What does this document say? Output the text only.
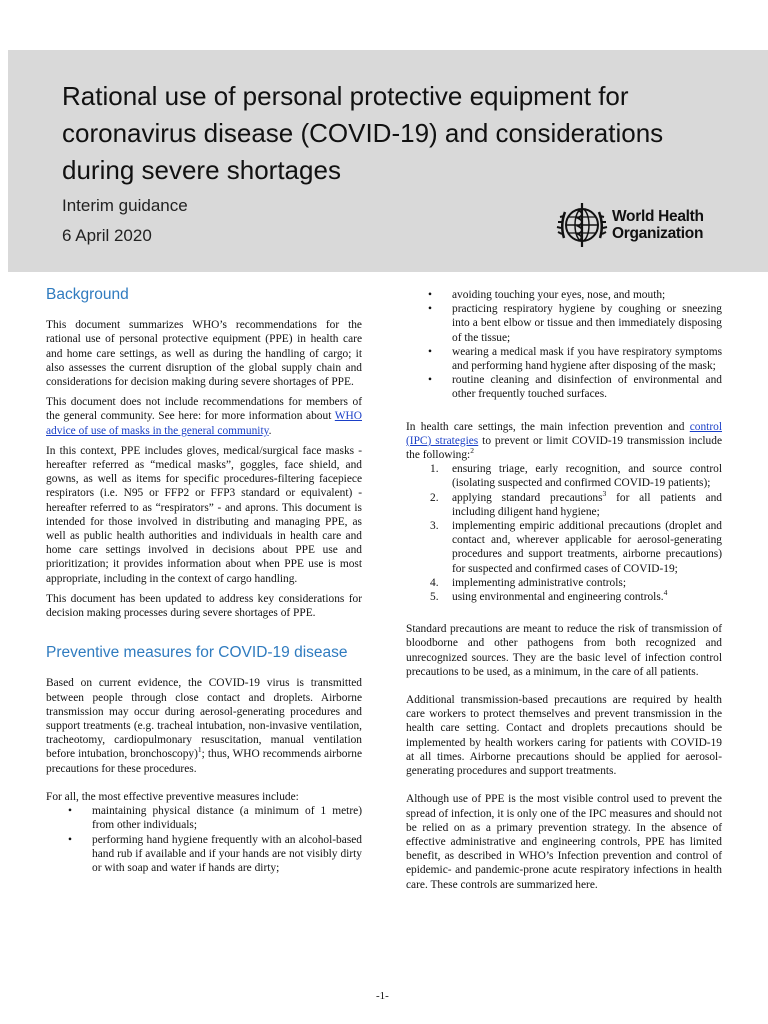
Rational use of personal protective equipment for coronavirus disease (COVID-19) and considerations during severe shortages
Interim guidance
6 April 2020
World Health
Organization
Background

This document summarizes WHO’s recommendations for the rational use of personal protective equipment (PPE) in health care and home care settings, as well as during the handling of cargo; it also assesses the current disruption of the global supply chain and considerations for decision making during severe shortages of PPE.

This document does not include recommendations for members of the general community. See here: for more information about WHO advice of use of masks in the general community.

In this context, PPE includes gloves, medical/surgical face masks - hereafter referred as “medical masks”, goggles, face shield, and gowns, as well as items for specific procedures-filtering facepiece respirators (i.e. N95 or FFP2 or FFP3 standard or equivalent) - hereafter referred to as “respirators” - and aprons. This document is intended for those involved in distributing and managing PPE, as well as public health authorities and individuals in health care and home care settings involved in decisions about PPE use and prioritization; it provides information about when PPE use is most appropriate, including in the context of cargo handling.

This document has been updated to address key considerations for decision making processes during severe shortages of PPE.

Preventive measures for COVID-19 disease

Based on current evidence, the COVID-19 virus is transmitted between people through close contact and droplets. Airborne transmission may occur during aerosol-generating procedures and support treatments (e.g. tracheal intubation, non-invasive ventilation, tracheotomy, cardiopulmonary resuscitation, manual ventilation before intubation, bronchoscopy)$^1$; thus, WHO recommends airborne precautions for these procedures.

For all, the most effective preventive measures include:

• maintaining physical distance (a minimum of 1 metre) from other individuals;
• performing hand hygiene frequently with an alcohol-based hand rub if available and if your hands are not visibly dirty or with soap and water if hands are dirty;
• avoiding touching your eyes, nose, and mouth;
• practicing respiratory hygiene by coughing or sneezing into a bent elbow or tissue and then immediately disposing of the tissue;
• wearing a medical mask if you have respiratory symptoms and performing hand hygiene after disposing of the mask;
• routine cleaning and disinfection of environmental and other frequently touched surfaces.

In health care settings, the main infection prevention and control (IPC) strategies to prevent or limit COVID-19 transmission include the following:$^2$

1. ensuring triage, early recognition, and source control (isolating suspected and confirmed COVID-19 patients);
2. applying standard precautions$^3$ for all patients and including diligent hand hygiene;
3. implementing empiric additional precautions (droplet and contact and, wherever applicable for aerosol-generating procedures and support treatments, airborne precautions) for suspected and confirmed cases of COVID-19;
4. implementing administrative controls;
5. using environmental and engineering controls.$^4$

Standard precautions are meant to reduce the risk of transmission of bloodborne and other pathogens from both recognized and unrecognized sources. They are the basic level of infection control precautions to be used, as a minimum, in the care of all patients.

Additional transmission-based precautions are required by health care workers to protect themselves and prevent transmission in the health care setting. Contact and droplets precautions should be implemented by health workers caring for patients with COVID-19 at all times. Airborne precautions should be applied for aerosol-generating procedures and support treatments.

Although use of PPE is the most visible control used to prevent the spread of infection, it is only one of the IPC measures and should not be relied on as a primary prevention strategy. In the absence of effective administrative and engineering controls, PPE has limited benefit, as described in WHO’s Infection prevention and control of epidemic- and pandemic-prone acute respiratory infections in health care. These controls are summarized here.

-1-
